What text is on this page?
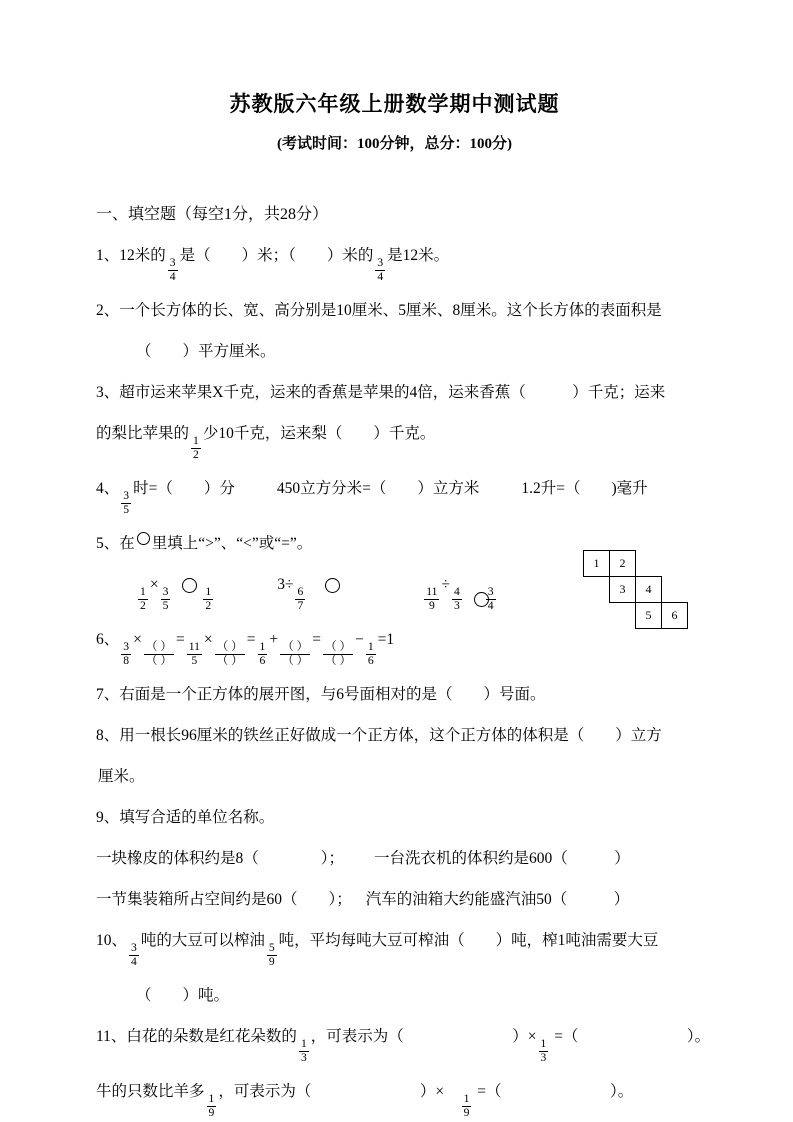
苏教版六年级上册数学期中测试题
(考试时间：100分钟，总分：100分)
一、填空题（每空1分，共28分）
1、12米的
$\frac{3}{4}$
是（　　）米；（　　）米的
$\frac{3}{4}$
是12米。
2、一个长方体的长、宽、高分别是10厘米、5厘米、8厘米。这个长方体的表面积是
（　　）平方厘米。
3、超市运来苹果X千克，运来的香蕉是苹果的4倍，运来香蕉（　　　）千克；运来
的梨比苹果的
$\frac{1}{2}$
少10千克，运来梨（　　）千克。
4、
$\frac{3}{5}$
时=（　　）分	450立方分米=（　　）立方米	1.2升=（　　)毫升
5、在 里填上“>”、“<”或“=”。
$\frac{1}{2}$
×
$\frac{3}{5}$	$\frac{1}{2}$
3÷
$\frac{6}{7}$	$\frac{11}{9}$
÷
$\frac{4}{3} \frac{3}{4}$
6、
$\frac{3}{8}$
×
$\frac{( )}{( )}$
=
$\frac{11}{5}$
×
$\frac{( )}{( )}$
=
$\frac{1}{6}$
+
$\frac{( )}{( )}$
=
$\frac{( )}{( )}$
−
$\frac{1}{6}$
=1
7、右面是一个正方体的展开图，与6号面相对的是（　　）号面。
8、用一根长96厘米的铁丝正好做成一个正方体，这个正方体的体积是（　　）立方
厘米。
9、填写合适的单位名称。
一块橡皮的体积约是8（　　　　）； 一台洗衣机的体积约是600（　　　）
一节集装箱所占空间约是60（　　）； 汽车的油箱大约能盛汽油50（　　　）
10、
$\frac{3}{4}$
吨的大豆可以榨油
$\frac{5}{9}$
吨，平均每吨大豆可榨油（　　）吨，榨1吨油需要大豆
（　　）吨。
11、白花的朵数是红花朵数的
$\frac{1}{3}$
，可表示为（　　　　　　　）×
$\frac{1}{3}$
=（　　　　　　　）。
牛的只数比羊多
$\frac{1}{9}$
，可表示为（　　　　　　　）×　
$\frac{1}{9}$
=（　　　　　　　）。
1	2
3	4
5	6
